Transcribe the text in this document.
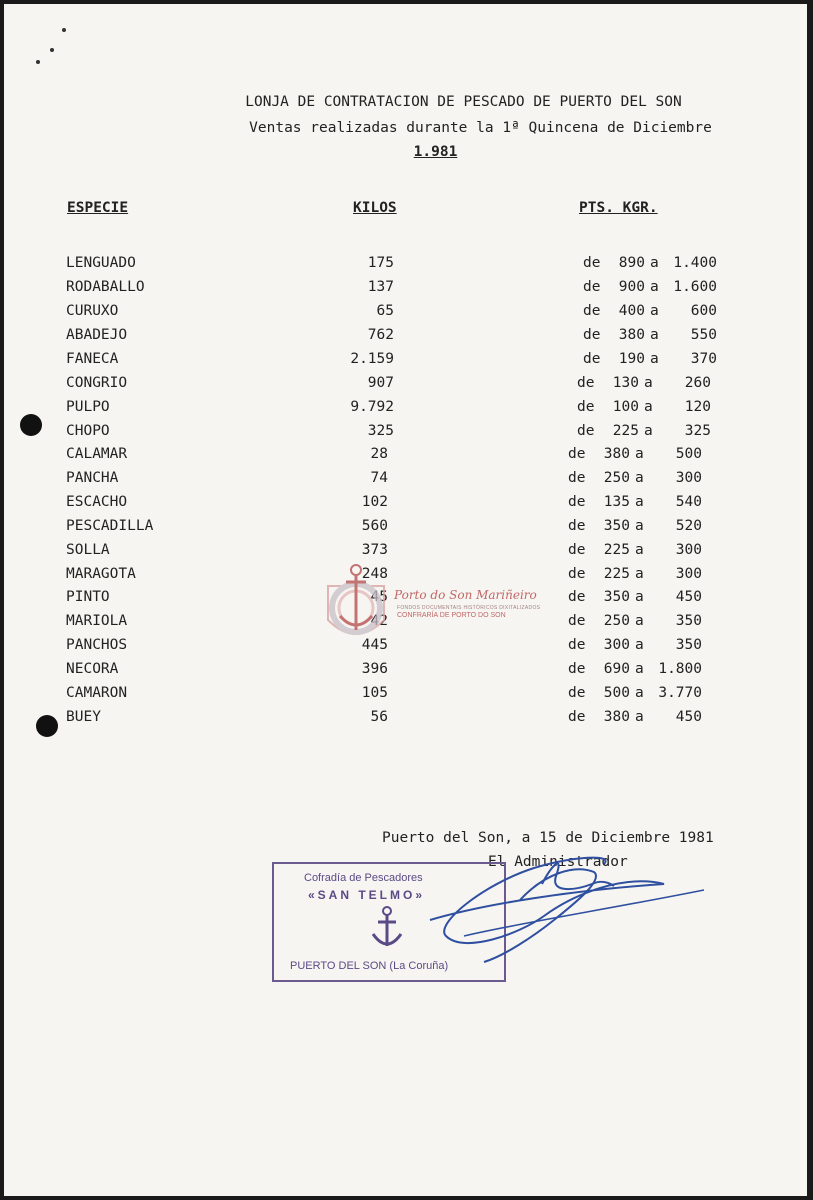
LONJA DE CONTRATACION DE PESCADO DE PUERTO DEL SON
Ventas realizadas durante la 1ª Quincena de Diciembre
1.981
ESPECIE	KILOS	PTS. KGR.
LENGUADO	175	de	890 a	1.400
RODABALLO	137	de	900 a	1.600
CURUXO	65	de	400 a	600
ABADEJO	762	de	380 a	550
FANECA	2.159	de	190 a	370
CONGRIO	907	de	130 a	260
PULPO	9.792	de	100 a	120
CHOPO	325	de	225 a	325
CALAMAR	28	de	380 a	500
PANCHA	74	de	250 a	300
ESCACHO	102	de	135 a	540
PESCADILLA	560	de	350 a	520
SOLLA	373	de	225 a	300
MARAGOTA	248	de	225 a	300
PINTO	45	de	350 a	450
MARIOLA	42	de	250 a	350
PANCHOS	445	de	300 a	350
NECORA	396	de	690 a	1.800
CAMARON	105	de	500 a	3.770
BUEY	56	de	380 a	450
Porto do Son Mariñeiro
FONDOS DOCUMENTAIS HISTÓRICOS DIXITALIZADOS
CONFRARÍA DE PORTO DO SON
Puerto del Son, a 15 de Diciembre 1981
El Administrador
Cofradía de Pescadores
«SAN TELMO»
PUERTO DEL SON (La Coruña)
